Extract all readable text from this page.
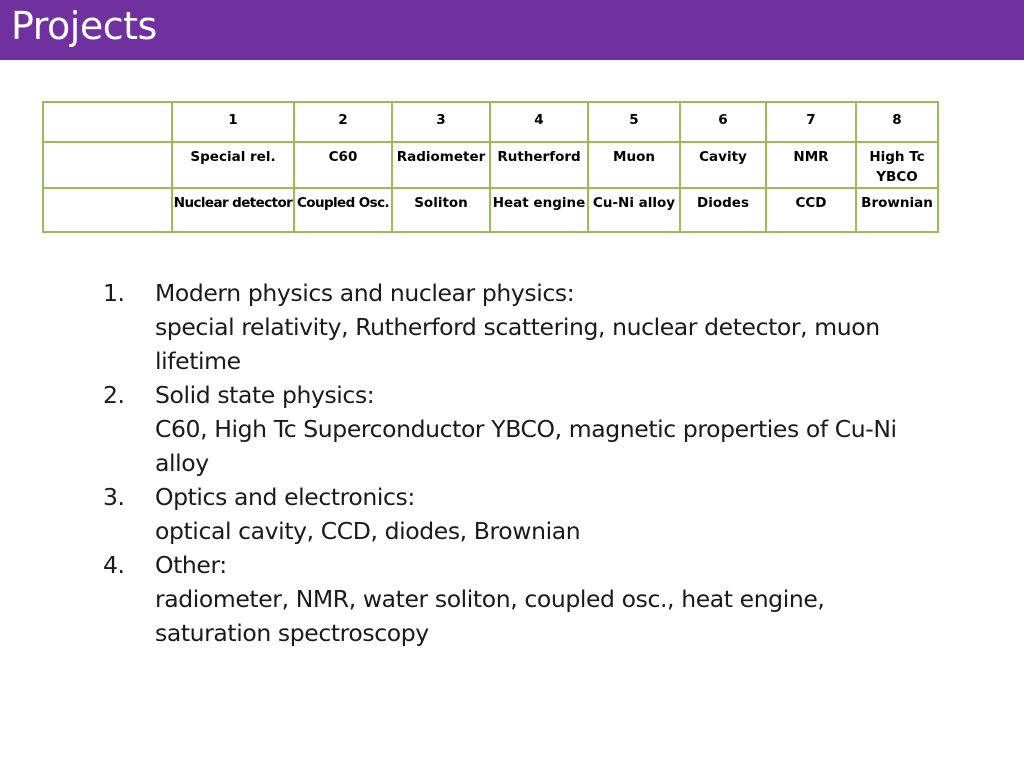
Projects
	1	2	3	4	5	6	7	8
	Special rel.	C60	Radiometer	Rutherford	Muon	Cavity	NMR	High Tc YBCO
	Nuclear detector	Coupled Osc.	Soliton	Heat engine	Cu-Ni alloy	Diodes	CCD	Brownian
1. Modern physics and nuclear physics:
special relativity, Rutherford scattering, nuclear detector, muon lifetime
2. Solid state physics:
C60, High Tc Superconductor YBCO, magnetic properties of Cu-Ni alloy
3. Optics and electronics:
optical cavity, CCD, diodes, Brownian
4. Other:
radiometer, NMR, water soliton, coupled osc., heat engine, saturation spectroscopy
